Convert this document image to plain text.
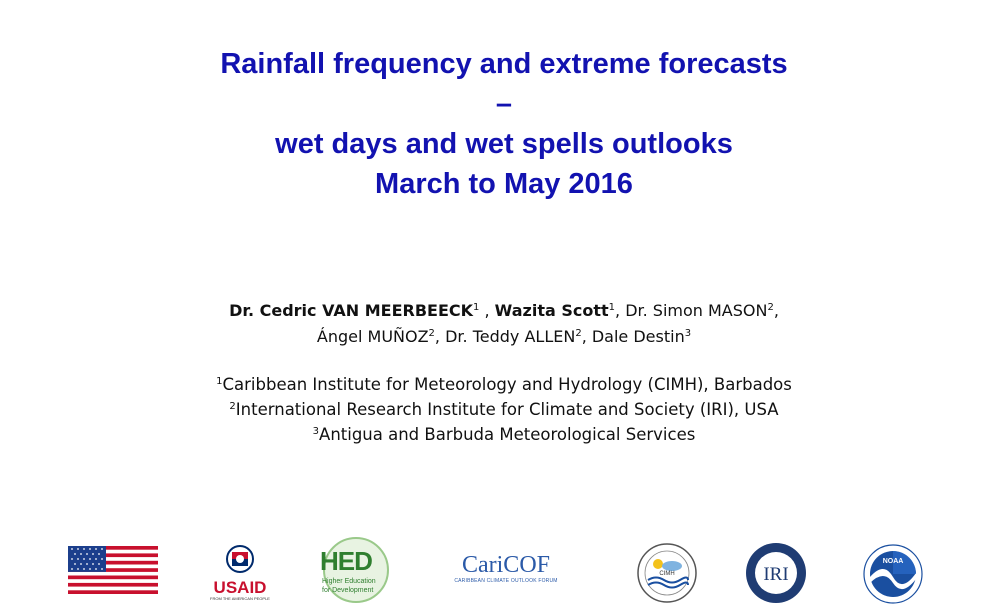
Rainfall frequency and extreme forecasts
–
wet days and wet spells outlooks
March to May 2016
Dr. Cedric VAN MEERBEECK$^1$ , Wazita Scott$^1$, Dr. Simon MASON$^2$,
Ángel MUÑOZ$^2$, Dr. Teddy ALLEN$^2$, Dale Destin$^3$
$^1$Caribbean Institute for Meteorology and Hydrology (CIMH), Barbados
$^2$International Research Institute for Climate and Society (IRI), USA
$^3$Antigua and Barbuda Meteorological Services
USAID
FROM THE AMERICAN PEOPLE
HED
Higher Education
for Development
CariCOF
CARIBBEAN CLIMATE OUTLOOK FORUM
CIMH	IRI
NOAA
